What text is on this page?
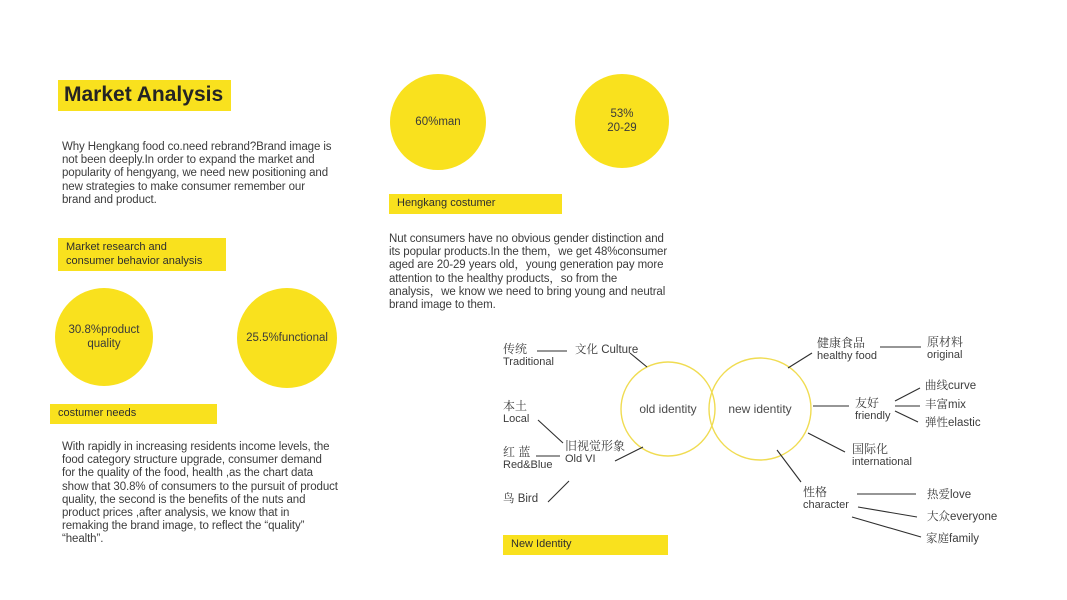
Market Analysis

Why Hengkang food co.need rebrand?Brand image is not been deeply.In order to expand the market and popularity of hengyang, we need new positioning and new strategies to make consumer remember our brand and product.

Market research and consumer behavior analysis
30.8%product
quality	25.5%functional
costumer needs

With rapidly in increasing residents income levels, the food category structure upgrade, consumer demand for the quality of the food, health ,as the chart data show that 30.8% of consumers to the pursuit of product quality, the second is the benefits of the nuts and product prices ,after analysis, we know that in remaking the brand image, to reflect the “quality” “health”.

60%man
53%
20-29
Hengkang costumer

Nut consumers have no obvious gender distinction and its popular products.In the them，we get 48%consumer aged are 20-29 years old，young generation pay more attention to the healthy products，so from the analysis，we know we need to bring young and neutral brand image to them.

old identity	new identity
传统
Traditional
文化 Culture
本土
Local
红 蓝
Red&Blue
旧视觉形象
Old VI
鸟 Bird
健康食品
healthy food
原材料
original
友好
friendly
曲线curve
丰富mix
弹性elastic
国际化
international
性格
character
热爱love
大众everyone
家庭family
New Identity
